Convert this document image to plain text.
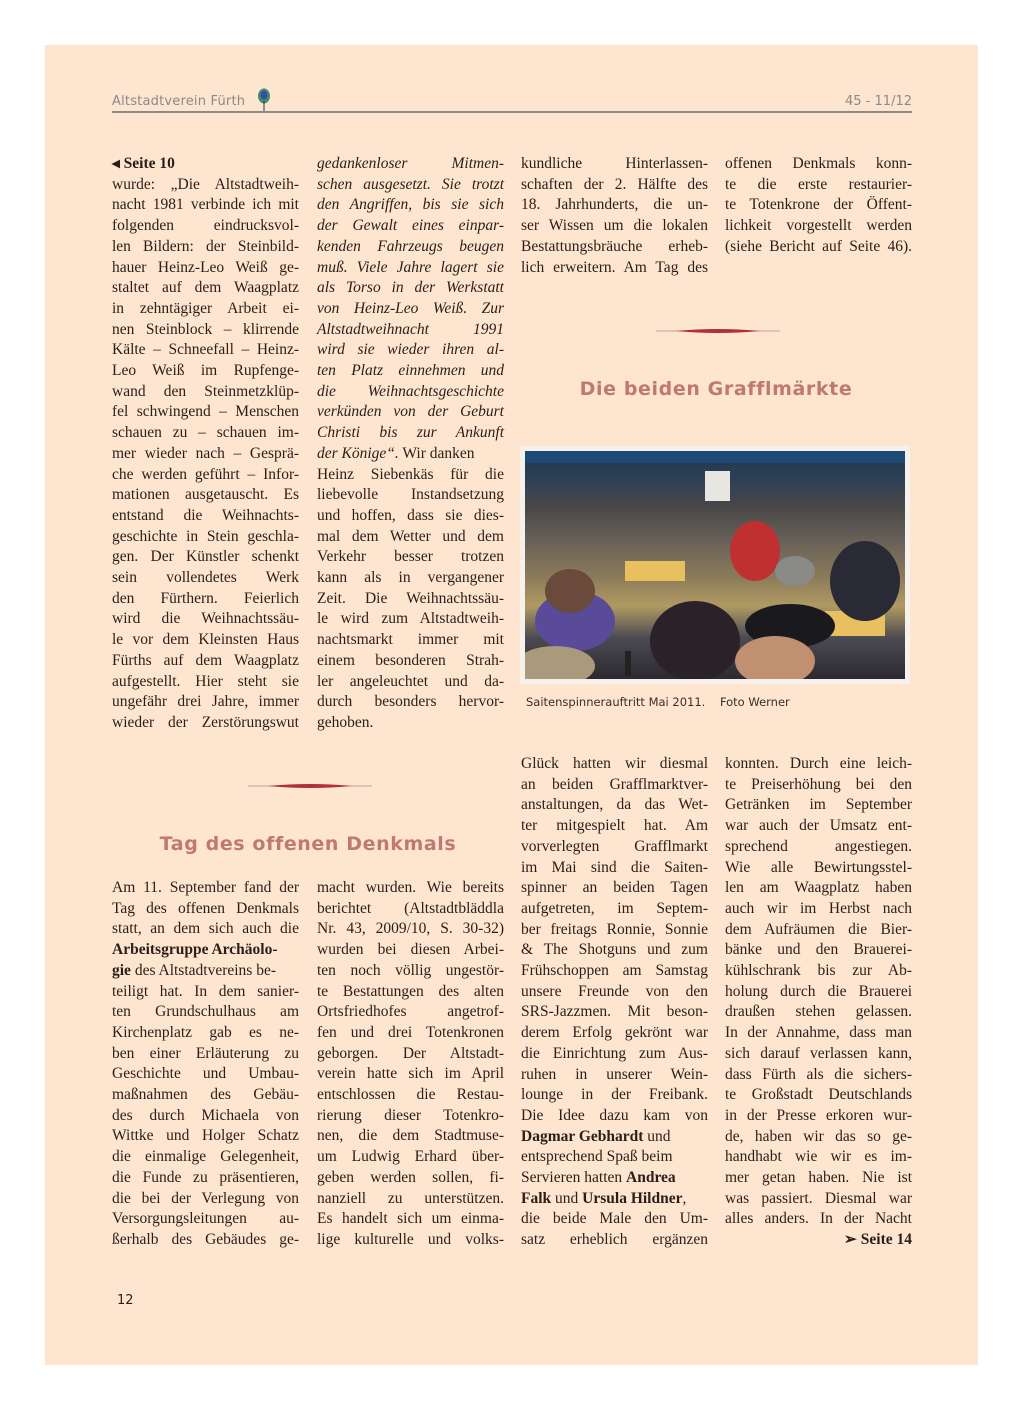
Altstadtverein Fürth	45 - 11/12

◂ Seite 10

wurde: „Die Altstadtweih-
nacht 1981 verbinde ich mit
folgenden eindrucksvol-
len Bildern: der Steinbild-
hauer Heinz-Leo Weiß ge-
staltet auf dem Waagplatz
in zehntägiger Arbeit ei-
nen Steinblock – klirrende
Kälte – Schneefall – Heinz-
Leo Weiß im Rupfenge-
wand den Steinmetzklüp-
fel schwingend – Menschen
schauen zu – schauen im-
mer wieder nach – Gesprä-
che werden geführt – Infor-
mationen ausgetauscht. Es
entstand die Weihnachts-
geschichte in Stein geschla-
gen. Der Künstler schenkt
sein vollendetes Werk
den Fürthern. Feierlich
wird die Weihnachtssäu-
le vor dem Kleinsten Haus
Fürths auf dem Waagplatz
aufgestellt. Hier steht sie
ungefähr drei Jahre, immer
wieder der Zerstörungswut

gedankenloser Mitmen-
schen ausgesetzt. Sie trotzt
den Angriffen, bis sie sich
der Gewalt eines einpar-
kenden Fahrzeugs beugen
muß. Viele Jahre lagert sie
als Torso in der Werkstatt
von Heinz-Leo Weiß. Zur
Altstadtweihnacht 1991
wird sie wieder ihren al-
ten Platz einnehmen und
die Weihnachtsgeschichte
verkünden von der Geburt
Christi bis zur Ankunft

der Könige“. Wir danken

Heinz Siebenkäs für die
liebevolle Instandsetzung
und hoffen, dass sie dies-
mal dem Wetter und dem
Verkehr besser trotzen
kann als in vergangener
Zeit. Die Weihnachtssäu-
le wird zum Altstadtweih-
nachtsmarkt immer mit
einem besonderen Strah-
ler angeleuchtet und da-
durch besonders hervor-
gehoben.

kundliche Hinterlassen-
schaften der 2. Hälfte des
18. Jahrhunderts, die un-
ser Wissen um die lokalen
Bestattungsbräuche erheb-
lich erweitern. Am Tag des

offenen Denkmals konn-
te die erste restaurier-
te Totenkrone der Öffent-
lichkeit vorgestellt werden
(siehe Bericht auf Seite 46).

Die beiden Grafflmärkte
Saitenspinnerauftritt Mai 2011. Foto Werner
Tag des offenen Denkmals

Am 11. September fand der
Tag des offenen Denkmals
statt, an dem sich auch die

Arbeitsgruppe Archäolo-

gie des Altstadtvereins be-

teiligt hat. In dem sanier-
ten Grundschulhaus am
Kirchenplatz gab es ne-
ben einer Erläuterung zu
Geschichte und Umbau-
maßnahmen des Gebäu-
des durch Michaela von
Wittke und Holger Schatz
die einmalige Gelegenheit,
die Funde zu präsentieren,
die bei der Verlegung von
Versorgungsleitungen au-
ßerhalb des Gebäudes ge-

macht wurden. Wie bereits
berichtet (Altstadtbläddla
Nr. 43, 2009/10, S. 30-32)
wurden bei diesen Arbei-
ten noch völlig ungestör-
te Bestattungen des alten
Ortsfriedhofes angetrof-
fen und drei Totenkronen
geborgen. Der Altstadt-
verein hatte sich im April
entschlossen die Restau-
rierung dieser Totenkro-
nen, die dem Stadtmuse-
um Ludwig Erhard über-
geben werden sollen, fi-
nanziell zu unterstützen.
Es handelt sich um einma-
lige kulturelle und volks-

Glück hatten wir diesmal
an beiden Grafflmarktver-
anstaltungen, da das Wet-
ter mitgespielt hat. Am
vorverlegten Grafflmarkt
im Mai sind die Saiten-
spinner an beiden Tagen
aufgetreten, im Septem-
ber freitags Ronnie, Sonnie
& The Shotguns und zum
Frühschoppen am Samstag
unsere Freunde von den
SRS-Jazzmen. Mit beson-
derem Erfolg gekrönt war
die Einrichtung zum Aus-
ruhen in unserer Wein-
lounge in der Freibank.
Die Idee dazu kam von

Dagmar Gebhardt und

entsprechend Spaß beim

Servieren hatten Andrea

Falk und Ursula Hildner,

die beide Male den Um-
satz erheblich ergänzen

konnten. Durch eine leich-
te Preiserhöhung bei den
Getränken im September
war auch der Umsatz ent-
sprechend angestiegen.
Wie alle Bewirtungsstel-
len am Waagplatz haben
auch wir im Herbst nach
dem Aufräumen die Bier-
bänke und den Brauerei-
kühlschrank bis zur Ab-
holung durch die Brauerei
draußen stehen gelassen.
In der Annahme, dass man
sich darauf verlassen kann,
dass Fürth als die sichers-
te Großstadt Deutschlands
in der Presse erkoren wur-
de, haben wir das so ge-
handhabt wie wir es im-
mer getan haben. Nie ist
was passiert. Diesmal war
alles anders. In der Nacht

➢ Seite 14

12
